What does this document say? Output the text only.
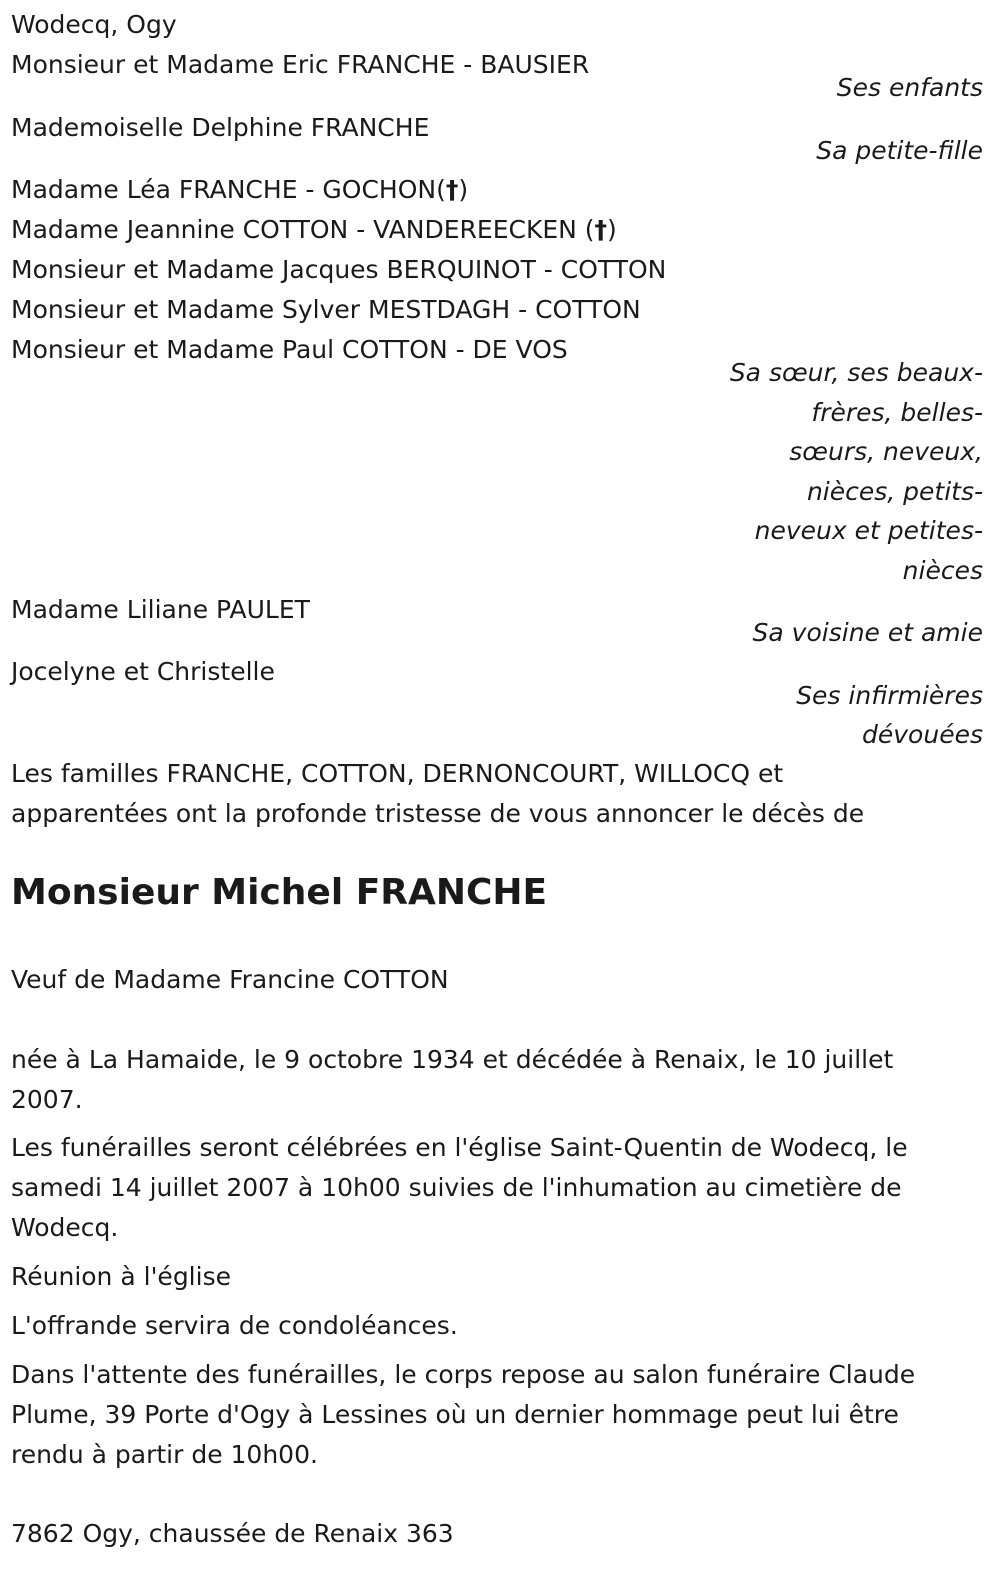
Wodecq, Ogy
Monsieur et Madame Eric FRANCHE - BAUSIER
Ses enfants
Mademoiselle Delphine FRANCHE
Sa petite-fille
Madame Léa FRANCHE - GOCHON(†)
Madame Jeannine COTTON - VANDEREECKEN (†)
Monsieur et Madame Jacques BERQUINOT - COTTON
Monsieur et Madame Sylver MESTDAGH - COTTON
Monsieur et Madame Paul COTTON - DE VOS
Sa sœur, ses beaux-
frères, belles-
sœurs, neveux,
nièces, petits-
neveux et petites-
nièces
Madame Liliane PAULET
Sa voisine et amie
Jocelyne et Christelle
Ses infirmières
dévouées
Les familles FRANCHE, COTTON, DERNONCOURT, WILLOCQ et
apparentées ont la profonde tristesse de vous annoncer le décès de
Monsieur Michel FRANCHE
Veuf de Madame Francine COTTON
née à La Hamaide, le 9 octobre 1934 et décédée à Renaix, le 10 juillet 2007.
Les funérailles seront célébrées en l'église Saint-Quentin de Wodecq, le samedi 14 juillet 2007 à 10h00 suivies de l'inhumation au cimetière de Wodecq.
Réunion à l'église
L'offrande servira de condoléances.
Dans l'attente des funérailles, le corps repose au salon funéraire Claude Plume, 39 Porte d'Ogy à Lessines où un dernier hommage peut lui être rendu à partir de 10h00.
7862 Ogy, chaussée de Renaix 363
